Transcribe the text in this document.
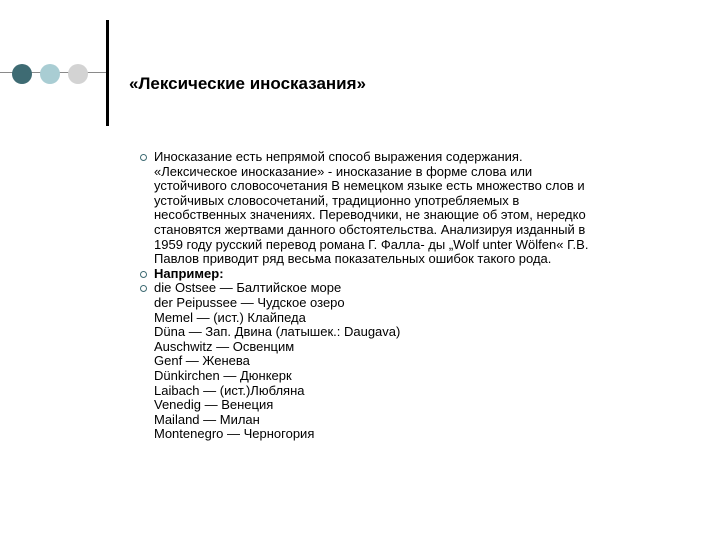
«Лексические иносказания»
Иносказание есть непрямой способ выражения содержания.
«Лексическое иносказание» - иносказание в форме слова или
устойчивого словосочетания В немецком языке есть множество слов и
устойчивых словосочетаний, традиционно употребляемых в
несобственных значениях. Переводчики, не знающие об этом, нередко
становятся жертвами данного обстоятельства. Анализируя изданный в
1959 году русский перевод романа Г. Фалла- ды „Wolf unter Wölfen« Г.В.
Павлов приводит ряд весьма показательных ошибок такого рода.
Например:
die Ostsee — Балтийское море
der Peipussee — Чудское озеро
Memel — (ист.) Клайпеда
Düna — Зап. Двина (латышек.: Daugava)
Auschwitz — Освенцим
Genf — Женева
Dünkirchen — Дюнкерк
Laibach — (ист.)Любляна
Venedig — Венеция
Mailand — Милан
Montenegro — Черногория
